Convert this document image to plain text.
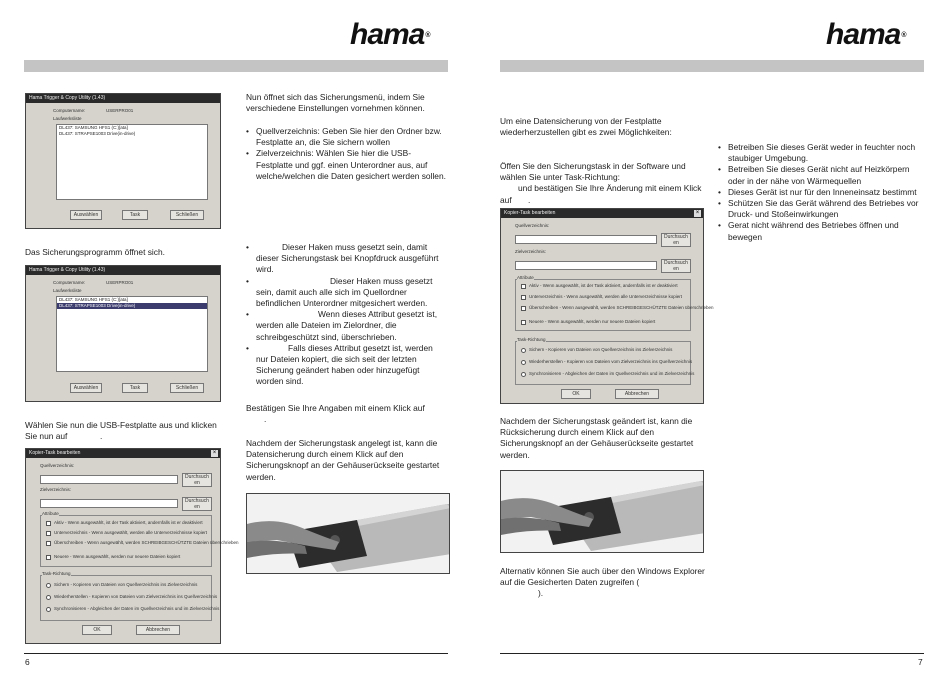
hama®	hama®
Hama Trigger & Copy Utility (1.43)
Computername:	USERPRO01
Laufwerksliste
DL437: SAMSUNG HFS1 (C:)[ata]
DL437: STRAPSE1003 Drive(in-drive)
Auswählen	Task	Schließen
Das Sicherungsprogramm öffnet sich.
Hama Trigger & Copy Utility (1.43)
Computername:	USERPRO01
Laufwerksliste
DL437: SAMSUNG HFS1 (C:)[ata]
DL437: STRAPSE1003 Drive(in-drive)
Auswählen	Task	Schließen
Wählen Sie nun die USB-Festplatte aus und klicken Sie nun auf	.
Kopier-Task bearbeiten	×
Quellverzeichnis:
Durchsuch en
Zielverzeichnis:
Durchsuch en
Attribute
Aktiv - Wenn ausgewählt, ist der Task aktiviert, andernfalls ist er deaktiviert
Unterverzeichnis - Wenn ausgewählt, werden alle Unterverzeichnisse kopiert
Überschreiben - Wenn ausgewählt, werden SCHREIBGESCHÜTZTE Dateien überschrieben
Neuere - Wenn ausgewählt, werden nur neuere Dateien kopiert
Task-Richtung
Sichern - Kopieren von Dateien von Quellverzeichnis ins Zielverzeichnis
Wiederherstellen - Kopieren von Dateien vom Zielverzeichnis ins Quellverzeichnis
Synchronisieren - Abgleichen der Daten im Quellverzeichnis und im Zielverzeichnis
OK	Abbrechen
Nun öffnet sich das Sicherungsmenü, indem Sie verschiedene Einstellungen vornehmen können.
• Quellverzeichnis: Geben Sie hier den Ordner bzw. Festplatte an, die Sie sichern wollen
• Zielverzeichnis: Wählen Sie hier die USB-Festplatte und ggf. einen Unterordner aus, auf welche/welchen die Daten gesichert werden sollen.
• Dieser Haken muss gesetzt sein, damit dieser Sicherungstask bei Knopfdruck ausgeführt wird.
• Dieser Haken muss gesetzt sein, damit auch alle sich im Quellordner befindlichen Unterordner mitgesichert werden.
• Wenn dieses Attribut gesetzt ist, werden alle Dateien im Zielordner, die schreibgeschützt sind, überschrieben.
• Falls dieses Attribut gesetzt ist, werden nur Dateien kopiert, die sich seit der letzten Sicherung geändert haben oder hinzugefügt worden sind.
Bestätigen Sie Ihre Angaben mit einem Klick auf
.
Nachdem der Sicherungstask angelegt ist, kann die Datensicherung durch einem Klick auf den Sicherungsknopf an der Gehäuserückseite gestartet werden.
6
Um eine Datensicherung von der Festplatte wiederherzustellen gibt es zwei Möglichkeiten:
Öffen Sie den Sicherungstask in der Software und wählen Sie unter Task-Richtung:
und bestätigen Sie Ihre Änderung mit einem Klick auf .
Kopier-Task bearbeiten	×
Quellverzeichnis:
Durchsuch en
Zielverzeichnis:
Durchsuch en
Attribute
Aktiv - Wenn ausgewählt, ist der Task aktiviert, andernfalls ist er deaktiviert
Unterverzeichnis - Wenn ausgewählt, werden alle Unterverzeichnisse kopiert
Überschreiben - Wenn ausgewählt, werden SCHREIBGESCHÜTZTE Dateien überschrieben
Neuere - Wenn ausgewählt, werden nur neuere Dateien kopiert
Task-Richtung
Sichern - Kopieren von Dateien von Quellverzeichnis ins Zielverzeichnis
Wiederherstellen - Kopieren von Dateien vom Zielverzeichnis ins Quellverzeichnis
Synchronisieren - Abgleichen der Daten im Quellverzeichnis und im Zielverzeichnis
OK	Abbrechen
Nachdem der Sicherungstask geändert ist, kann die Rücksicherung durch einem Klick auf den Sicherungsknopf an der Gehäuserückseite gestartet werden.
Alternativ können Sie auch über den Windows Explorer auf die Gesicherten Daten zugreifen (
).
• Betreiben Sie dieses Gerät weder in feuchter noch staubiger Umgebung.
• Betreiben Sie dieses Gerät nicht auf Heizkörpern oder in der nähe von Wärmequellen
• Dieses Gerät ist nur für den Inneneinsatz bestimmt
• Schützen Sie das Gerät während des Betriebes vor Druck- und Stoßeinwirkungen
• Gerat nicht während des Betriebes öffnen und bewegen
7
